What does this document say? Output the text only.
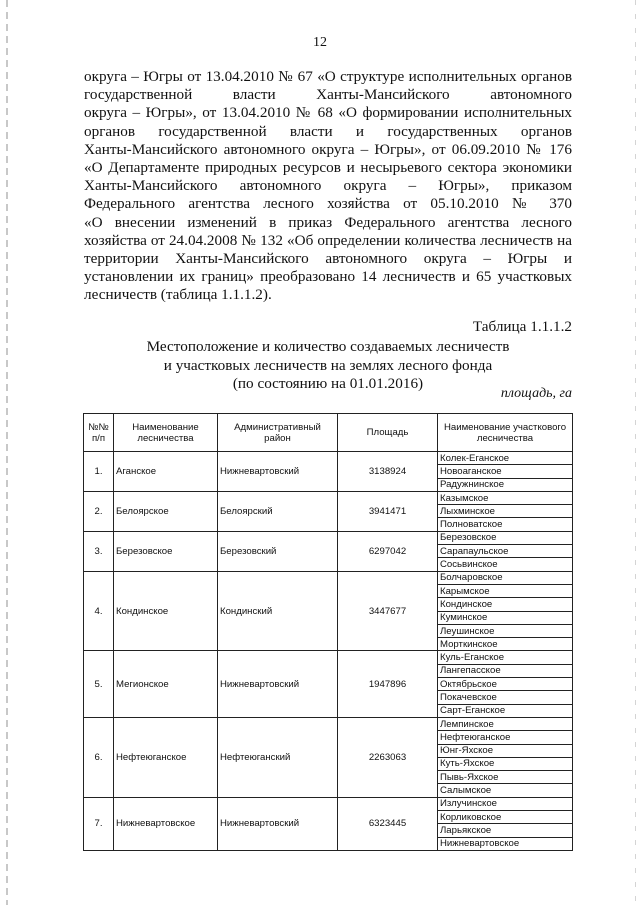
12

округа – Югры от 13.04.2010 № 67 «О структуре исполнительных органов
государственной власти Ханты-Мансийского автономного
округа – Югры», от 13.04.2010 № 68 «О формировании исполнительных
органов государственной власти и государственных органов
Ханты-Мансийского автономного округа – Югры», от 06.09.2010 № 176
«О Департаменте природных ресурсов и несырьевого сектора экономики
Ханты-Мансийского автономного округа – Югры», приказом
Федерального агентства лесного хозяйства от 05.10.2010 № 370
«О внесении изменений в приказ Федерального агентства лесного
хозяйства от 24.04.2008 № 132 «Об определении количества лесничеств на
территории Ханты-Мансийского автономного округа – Югры и
установлении их границ» преобразовано 14 лесничеств и 65 участковых
лесничеств (таблица 1.1.1.2).

Таблица 1.1.1.2
Местоположение и количество создаваемых лесничеств
и участковых лесничеств на землях лесного фонда
(по состоянию на 01.01.2016)
площадь, га
№№ п/п	Наименование лесничества	Административный район	Площадь	Наименование участкового лесничества
1.	Аганское	Нижневартовский	3138924	Колек-Еганское
				Новоаганское
				Радужнинское
2.	Белоярское	Белоярский	3941471	Казымское
				Лыхминское
				Полноватское
3.	Березовское	Березовский	6297042	Березовское
				Сарапаульское
				Сосьвинское
4.	Кондинское	Кондинский	3447677	Болчаровское
				Карымское
				Кондинское
				Куминское
				Леушинское
				Морткинское
5.	Мегионское	Нижневартовский	1947896	Куль-Еганское
				Лангепасское
				Октябрьское
				Покачевское
				Сарт-Еганское
6.	Нефтеюганское	Нефтеюганский	2263063	Лемпинское
				Нефтеюганское
				Юнг-Яхское
				Куть-Яхское
				Пывь-Яхское
				Салымское
7.	Нижневартовское	Нижневартовский	6323445	Излучинское
				Корликовское
				Ларьякское
				Нижневартовское
